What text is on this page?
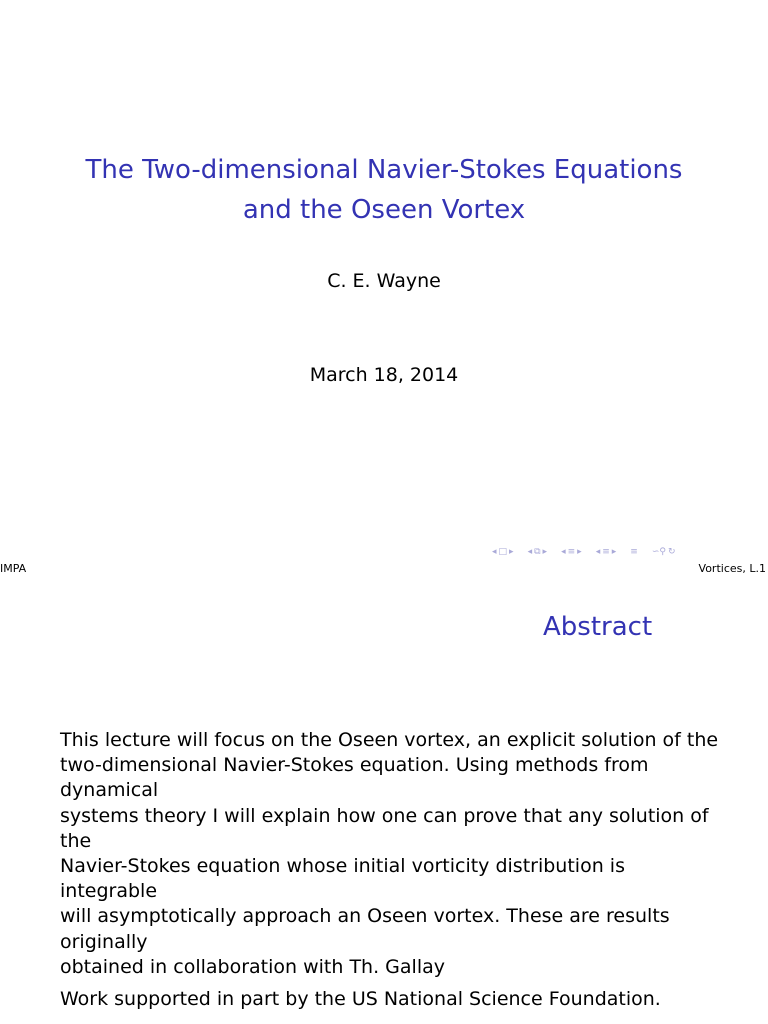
The Two-dimensional Navier-Stokes Equations
and the Oseen Vortex
C. E. Wayne
March 18, 2014
◂ □ ▸ ◂ ⧉ ▸ ◂ ≡ ▸ ◂ ≡ ▸ ≡ ∽⚲ ↻
IMPA	Vortices, L.1
Abstract
This lecture will focus on the Oseen vortex, an explicit solution of the
two-dimensional Navier-Stokes equation. Using methods from dynamical
systems theory I will explain how one can prove that any solution of the
Navier-Stokes equation whose initial vorticity distribution is integrable
will asymptotically approach an Oseen vortex. These are results originally
obtained in collaboration with Th. Gallay
Work supported in part by the US National Science Foundation.
